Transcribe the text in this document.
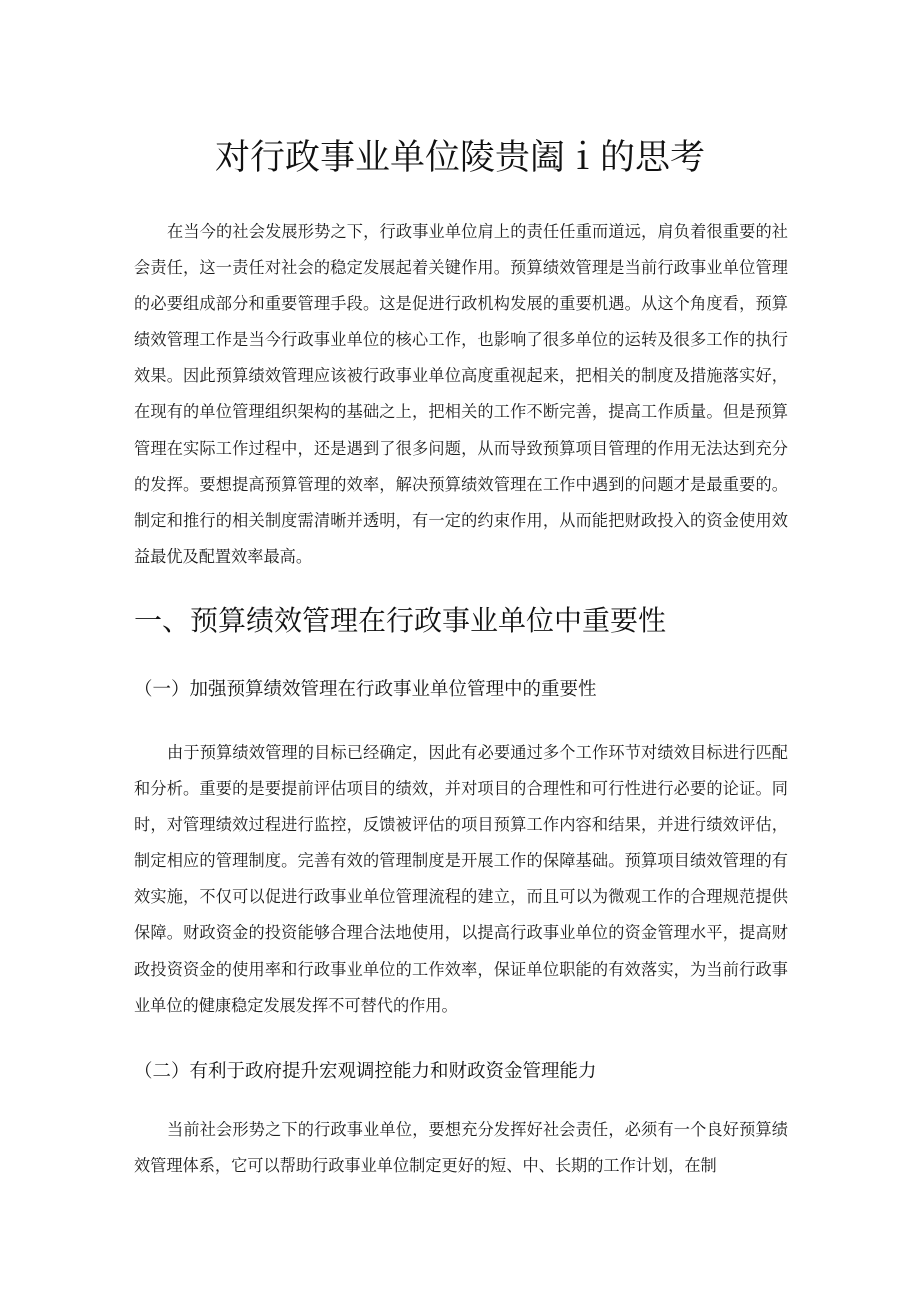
对行政事业单位陵贵阖ｉ的思考

在当今的社会发展形势之下，行政事业单位肩上的责任任重而道远，肩负着很重要的社会责任，这一责任对社会的稳定发展起着关键作用。预算绩效管理是当前行政事业单位管理的必要组成部分和重要管理手段。这是促进行政机构发展的重要机遇。从这个角度看，预算绩效管理工作是当今行政事业单位的核心工作，也影响了很多单位的运转及很多工作的执行效果。因此预算绩效管理应该被行政事业单位高度重视起来，把相关的制度及措施落实好，在现有的单位管理组织架构的基础之上，把相关的工作不断完善，提高工作质量。但是预算管理在实际工作过程中，还是遇到了很多问题，从而导致预算项目管理的作用无法达到充分的发挥。要想提高预算管理的效率，解决预算绩效管理在工作中遇到的问题才是最重要的。制定和推行的相关制度需清晰并透明，有一定的约束作用，从而能把财政投入的资金使用效益最优及配置效率最高。

一、预算绩效管理在行政事业单位中重要性
（一）加强预算绩效管理在行政事业单位管理中的重要性

由于预算绩效管理的目标已经确定，因此有必要通过多个工作环节对绩效目标进行匹配和分析。重要的是要提前评估项目的绩效，并对项目的合理性和可行性进行必要的论证。同时，对管理绩效过程进行监控，反馈被评估的项目预算工作内容和结果，并进行绩效评估，制定相应的管理制度。完善有效的管理制度是开展工作的保障基础。预算项目绩效管理的有效实施，不仅可以促进行政事业单位管理流程的建立，而且可以为微观工作的合理规范提供保障。财政资金的投资能够合理合法地使用，以提高行政事业单位的资金管理水平，提高财政投资资金的使用率和行政事业单位的工作效率，保证单位职能的有效落实，为当前行政事业单位的健康稳定发展发挥不可替代的作用。

（二）有利于政府提升宏观调控能力和财政资金管理能力

当前社会形势之下的行政事业单位，要想充分发挥好社会责任，必须有一个良好预算绩效管理体系，它可以帮助行政事业单位制定更好的短、中、长期的工作计划，在制
